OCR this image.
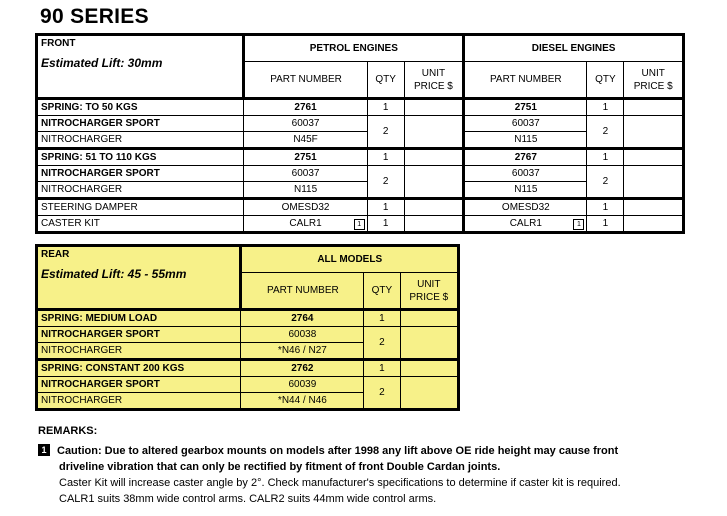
90 SERIES
FRONT
Estimated Lift: 30mm	PETROL ENGINES			DIESEL ENGINES		
	PART NUMBER	QTY	UNIT PRICE $	PART NUMBER	QTY	UNIT PRICE $
SPRING: TO 50 KGS	2761	1		2751	1	
NITROCHARGER SPORT	60037	2		60037	2	
NITROCHARGER	N45F			N115		
SPRING: 51 TO 110 KGS	2751	1		2767	1	
NITROCHARGER SPORT	60037	2		60037	2	
NITROCHARGER	N115			N115		
STEERING DAMPER	OMESD32	1		OMESD32	1	
CASTER KIT	CALR1 1	1		CALR1 1	1	
REAR
Estimated Lift: 45 - 55mm	ALL MODELS		
	PART NUMBER	QTY	UNIT PRICE $
SPRING: MEDIUM LOAD	2764	1	
NITROCHARGER SPORT	60038	2	
NITROCHARGER	*N46 / N27		
SPRING: CONSTANT 200 KGS	2762	1	
NITROCHARGER SPORT	60039	2	
NITROCHARGER	*N44 / N46		
REMARKS:
1 Caution: Due to altered gearbox mounts on models after 1998 any lift above OE ride height may cause front
driveline vibration that can only be rectified by fitment of front Double Cardan joints.
Caster Kit will increase caster angle by 2°. Check manufacturer's specifications to determine if caster kit is required.
CALR1 suits 38mm wide control arms. CALR2 suits 44mm wide control arms.
